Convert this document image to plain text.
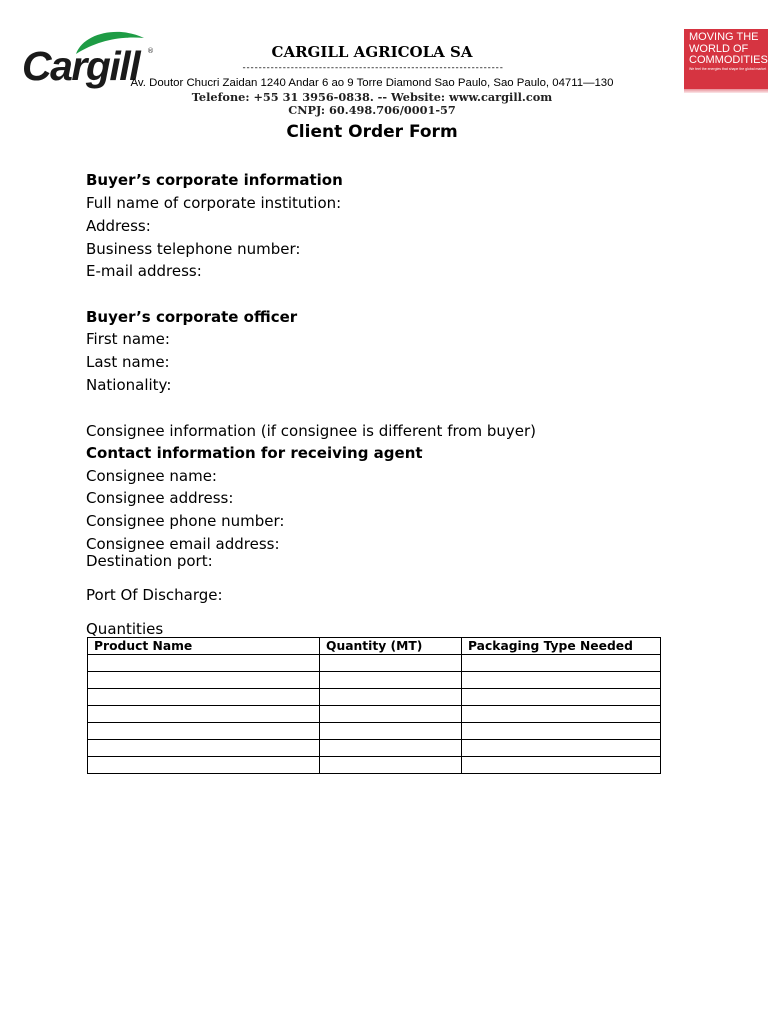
Cargill ®	CARGILL AGRICOLA SA
-----------------------------------------------------------------
Av. Doutor Chucri Zaidan 1240 Andar 6 ao 9 Torre Diamond Sao Paulo, Sao Paulo, 04711—130
Telefone: +55 31 3956-0838. -- Website: www.cargill.com
CNPJ: 60.498.706/0001-57
MOVING THE
WORLD OF
COMMODITIES
We feel the energies that shape the global market
Client Order Form
Buyer’s corporate information
Full name of corporate institution:
Address:
Business telephone number:
E-mail address:
Buyer’s corporate officer
First name:
Last name:
Nationality:
Consignee information (if consignee is different from buyer)
Contact information for receiving agent
Consignee name:
Consignee address:
Consignee phone number:
Consignee email address:
Destination port:
Port Of Discharge:
Quantities
Product Name	Quantity (MT)	Packaging Type Needed
